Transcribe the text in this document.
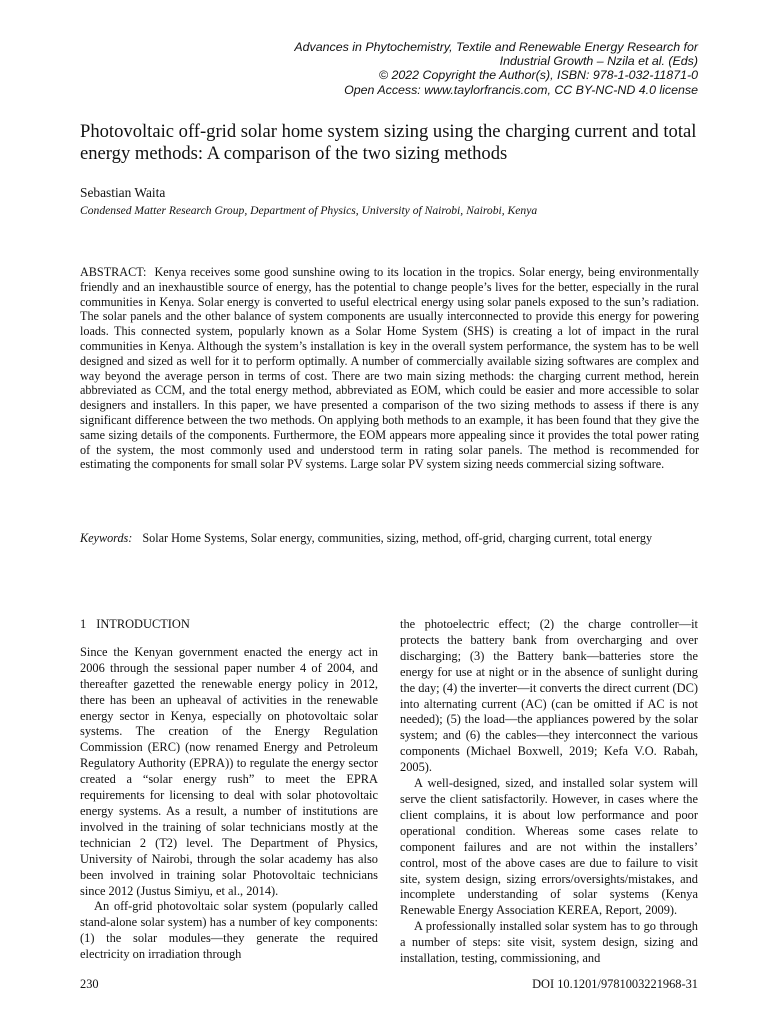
Advances in Phytochemistry, Textile and Renewable Energy Research for
Industrial Growth – Nzila et al. (Eds)
© 2022 Copyright the Author(s), ISBN: 978-1-032-11871-0
Open Access: www.taylorfrancis.com, CC BY-NC-ND 4.0 license
Photovoltaic off-grid solar home system sizing using the charging current and total energy methods: A comparison of the two sizing methods
Sebastian Waita
Condensed Matter Research Group, Department of Physics, University of Nairobi, Nairobi, Kenya

ABSTRACT: Kenya receives some good sunshine owing to its location in the tropics. Solar energy, being environmentally friendly and an inexhaustible source of energy, has the potential to change people’s lives for the better, especially in the rural communities in Kenya. Solar energy is converted to useful electrical energy using solar panels exposed to the sun’s radiation. The solar panels and the other balance of system components are usually interconnected to provide this energy for powering loads. This connected system, popularly known as a Solar Home System (SHS) is creating a lot of impact in the rural communities in Kenya. Although the system’s installation is key in the overall system performance, the system has to be well designed and sized as well for it to perform optimally. A number of commercially available sizing softwares are complex and way beyond the average person in terms of cost. There are two main sizing methods: the charging current method, herein abbreviated as CCM, and the total energy method, abbreviated as EOM, which could be easier and more accessible to solar designers and installers. In this paper, we have presented a comparison of the two sizing methods to assess if there is any significant difference between the two methods. On applying both methods to an example, it has been found that they give the same sizing details of the components. Furthermore, the EOM appears more appealing since it provides the total power rating of the system, the most commonly used and understood term in rating solar panels. The method is recommended for estimating the components for small solar PV systems. Large solar PV system sizing needs commercial sizing software.

Keywords: Solar Home Systems, Solar energy, communities, sizing, method, off-grid, charging current, total energy

1 INTRODUCTION

Since the Kenyan government enacted the energy act in 2006 through the sessional paper number 4 of 2004, and thereafter gazetted the renewable energy policy in 2012, there has been an upheaval of activities in the renewable energy sector in Kenya, especially on photovoltaic solar systems. The creation of the Energy Regulation Commission (ERC) (now renamed Energy and Petroleum Regulatory Authority (EPRA)) to regulate the energy sector created a “solar energy rush” to meet the EPRA requirements for licensing to deal with solar photovoltaic energy systems. As a result, a number of institutions are involved in the training of solar technicians mostly at the technician 2 (T2) level. The Department of Physics, University of Nairobi, through the solar academy has also been involved in training solar Photovoltaic technicians since 2012 (Justus Simiyu, et al., 2014).

An off-grid photovoltaic solar system (popularly called stand-alone solar system) has a number of key components: (1) the solar modules—they generate the required electricity on irradiation through

the photoelectric effect; (2) the charge controller—it protects the battery bank from overcharging and over discharging; (3) the Battery bank—batteries store the energy for use at night or in the absence of sunlight during the day; (4) the inverter—it converts the direct current (DC) into alternating current (AC) (can be omitted if AC is not needed); (5) the load—the appliances powered by the solar system; and (6) the cables—they interconnect the various components (Michael Boxwell, 2019; Kefa V.O. Rabah, 2005).

A well-designed, sized, and installed solar system will serve the client satisfactorily. However, in cases where the client complains, it is about low performance and poor operational condition. Whereas some cases relate to component failures and are not within the installers’ control, most of the above cases are due to failure to visit site, system design, sizing errors/oversights/mistakes, and incomplete understanding of solar systems (Kenya Renewable Energy Association KEREA, Report, 2009).

A professionally installed solar system has to go through a number of steps: site visit, system design, sizing and installation, testing, commissioning, and

230	DOI 10.1201/9781003221968-31
